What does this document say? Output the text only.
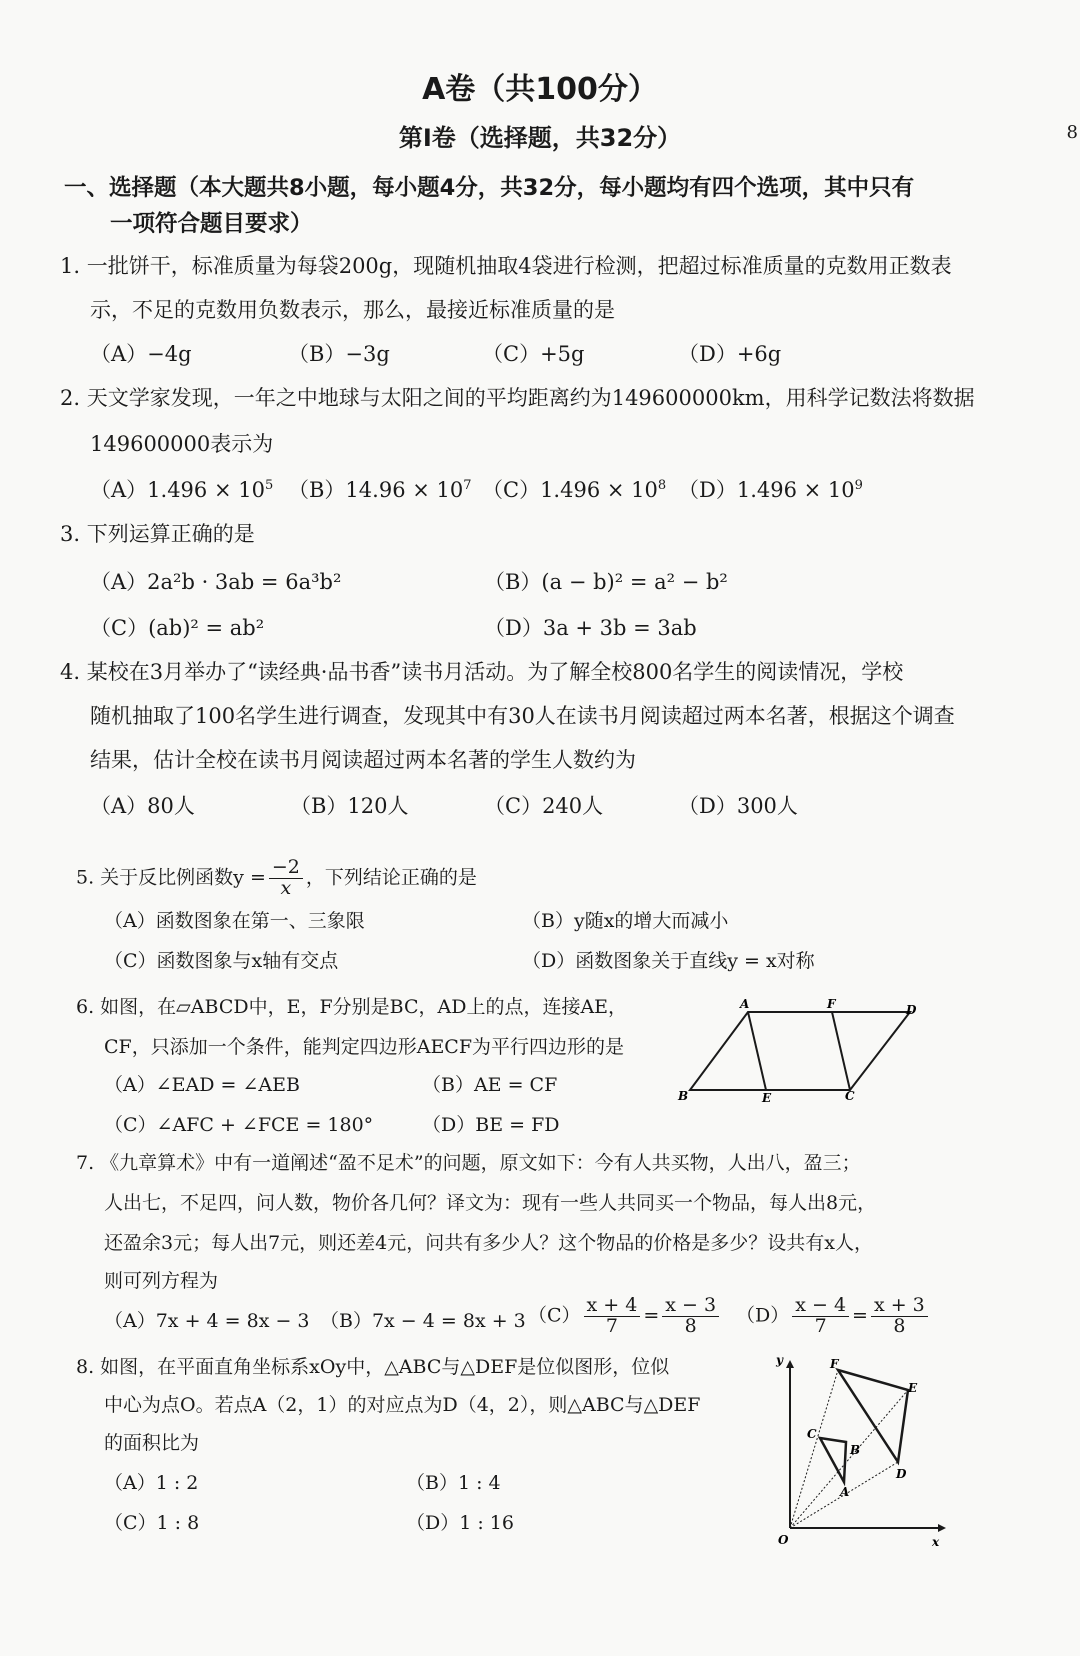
A卷（共100分）
第Ⅰ卷（选择题，共32分）	8
一、选择题（本大题共8小题，每小题4分，共32分，每小题均有四个选项，其中只有
一项符合题目要求）
1. 一批饼干，标准质量为每袋200g，现随机抽取4袋进行检测，把超过标准质量的克数用正数表
示，不足的克数用负数表示，那么，最接近标准质量的是
（A）−4g	（B）−3g	（C）+5g	（D）+6g
2. 天文学家发现，一年之中地球与太阳之间的平均距离约为149600000km，用科学记数法将数据
149600000表示为
$(A)1.496 \times 10^5$ $(B)14.96 \times 10^7$ $(C)1.496 \times 10^8$ $(D)1.496 \times 10^9$
3. 下列运算正确的是
（A）2a²b · 3ab = 6a³b²	（B）(a − b)² = a² − b²
（C）(ab)² = ab²	（D）3a + 3b = 3ab
4. 某校在3月举办了“读经典·品书香”读书月活动。为了解全校800名学生的阅读情况，学校
随机抽取了100名学生进行调查，发现其中有30人在读书月阅读超过两本名著，根据这个调查
结果，估计全校在读书月阅读超过两本名著的学生人数约为
（A）80人	（B）120人	（C）240人	（D）300人
5. 关于反比例函数$y = \frac{-2}{x}$ ，下列结论正确的是
（A）函数图象在第一、三象限	（B）y随x的增大而减小
（C）函数图象与x轴有交点	（D）函数图象关于直线y = x对称
6. 如图，在▱ABCD中，E，F分别是BC，AD上的点，连接AE，
CF，只添加一个条件，能判定四边形AECF为平行四边形的是
（A）∠EAD = ∠AEB	（B）AE = CF
（C）∠AFC + ∠FCE = 180°	（D）BE = FD
A	F	D
B	E	C
7. 《九章算术》中有一道阐述“盈不足术”的问题，原文如下：今有人共买物，人出八，盈三；
人出七，不足四，问人数，物价各几何？译文为：现有一些人共同买一个物品，每人出8元，
还盈余3元；每人出7元，则还差4元，问共有多少人？这个物品的价格是多少？设共有x人，
则可列方程为
（A）7x + 4 = 8x − 3 （B）7x − 4 = 8x + 3 $(C) \frac{x + 4}{7} = \frac{x - 3}{8} (D) \frac{x - 4}{7} = \frac{x + 3}{8}$
8. 如图，在平面直角坐标系xOy中，△ABC与△DEF是位似图形，位似
中心为点O。若点A（2，1）的对应点为D（4，2），则△ABC与△DEF
的面积比为
（A）1 : 2	（B）1 : 4
（C）1 : 8	（D）1 : 16
y
x
O
A
B
C
D
E
F
